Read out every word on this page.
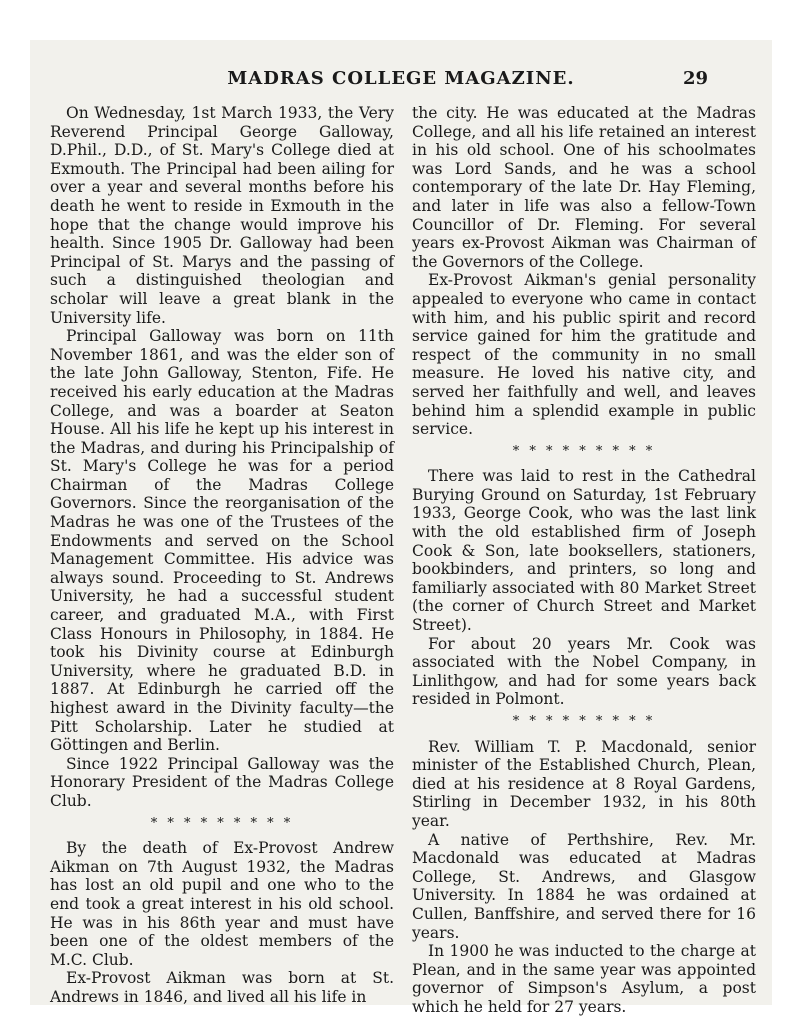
MADRAS COLLEGE MAGAZINE.	29

On Wednesday, 1st March 1933, the Very Reverend Principal George Galloway, D.Phil., D.D., of St. Mary's College died at Exmouth. The Principal had been ailing for over a year and several months before his death he went to reside in Exmouth in the hope that the change would improve his health. Since 1905 Dr. Galloway had been Principal of St. Marys and the passing of such a distinguished theologian and scholar will leave a great blank in the University life.

Principal Galloway was born on 11th November 1861, and was the elder son of the late John Galloway, Stenton, Fife. He received his early education at the Madras College, and was a boarder at Seaton House. All his life he kept up his interest in the Madras, and during his Principalship of St. Mary's College he was for a period Chairman of the Madras College Governors. Since the reorganisation of the Madras he was one of the Trustees of the Endowments and served on the School Management Committee. His advice was always sound. Proceeding to St. Andrews University, he had a successful student career, and graduated M.A., with First Class Honours in Philosophy, in 1884. He took his Divinity course at Edinburgh University, where he graduated B.D. in 1887. At Edinburgh he carried off the highest award in the Divinity faculty—the Pitt Scholarship. Later he studied at Göttingen and Berlin.

Since 1922 Principal Galloway was the Honorary President of the Madras College Club.

* * * * * * * * *

By the death of Ex-Provost Andrew Aikman on 7th August 1932, the Madras has lost an old pupil and one who to the end took a great interest in his old school. He was in his 86th year and must have been one of the oldest members of the M.C. Club.

Ex-Provost Aikman was born at St. Andrews in 1846, and lived all his life in

the city. He was educated at the Madras College, and all his life retained an interest in his old school. One of his schoolmates was Lord Sands, and he was a school contemporary of the late Dr. Hay Fleming, and later in life was also a fellow-Town Councillor of Dr. Fleming. For several years ex-Provost Aikman was Chairman of the Governors of the College.

Ex-Provost Aikman's genial personality appealed to everyone who came in contact with him, and his public spirit and record service gained for him the gratitude and respect of the community in no small measure. He loved his native city, and served her faithfully and well, and leaves behind him a splendid example in public service.

* * * * * * * * *

There was laid to rest in the Cathedral Burying Ground on Saturday, 1st February 1933, George Cook, who was the last link with the old established firm of Joseph Cook & Son, late booksellers, stationers, bookbinders, and printers, so long and familiarly associated with 80 Market Street (the corner of Church Street and Market Street).

For about 20 years Mr. Cook was associated with the Nobel Company, in Linlithgow, and had for some years back resided in Polmont.

* * * * * * * * *

Rev. William T. P. Macdonald, senior minister of the Established Church, Plean, died at his residence at 8 Royal Gardens, Stirling in December 1932, in his 80th year.

A native of Perthshire, Rev. Mr. Macdonald was educated at Madras College, St. Andrews, and Glasgow University. In 1884 he was ordained at Cullen, Banffshire, and served there for 16 years.

In 1900 he was inducted to the charge at Plean, and in the same year was appointed governor of Simpson's Asylum, a post which he held for 27 years.
